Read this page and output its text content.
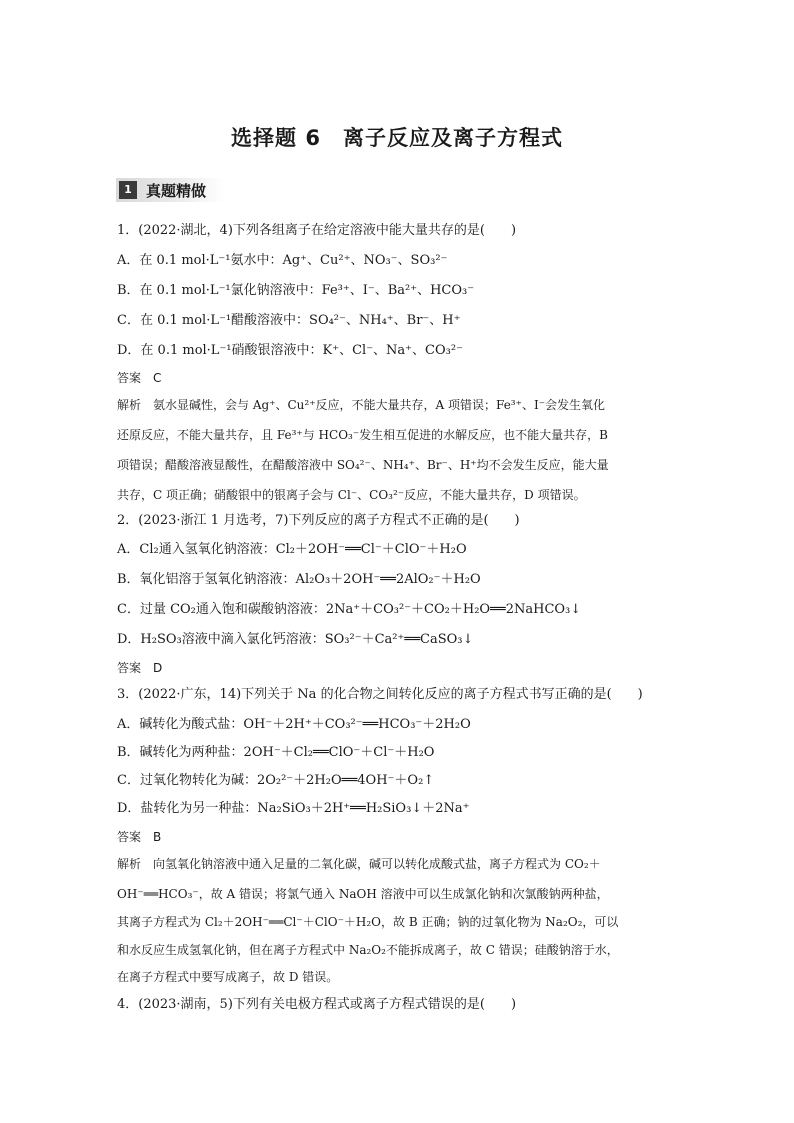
选择题 6　离子反应及离子方程式
1 真题精做
1．(2022·湖北，4)下列各组离子在给定溶液中能大量共存的是(　　)
A．在 0.1 mol·L⁻¹氨水中：Ag⁺、Cu²⁺、NO₃⁻、SO₃²⁻
B．在 0.1 mol·L⁻¹氯化钠溶液中：Fe³⁺、I⁻、Ba²⁺、HCO₃⁻
C．在 0.1 mol·L⁻¹醋酸溶液中：SO₄²⁻、NH₄⁺、Br⁻、H⁺
D．在 0.1 mol·L⁻¹硝酸银溶液中：K⁺、Cl⁻、Na⁺、CO₃²⁻
答案　C
解析　氨水显碱性，会与 Ag⁺、Cu²⁺反应，不能大量共存，A 项错误；Fe³⁺、I⁻会发生氧化
还原反应，不能大量共存，且 Fe³⁺与 HCO₃⁻发生相互促进的水解反应，也不能大量共存，B
项错误；醋酸溶液显酸性，在醋酸溶液中 SO₄²⁻、NH₄⁺、Br⁻、H⁺均不会发生反应，能大量
共存，C 项正确；硝酸银中的银离子会与 Cl⁻、CO₃²⁻反应，不能大量共存，D 项错误。
2．(2023·浙江 1 月选考，7)下列反应的离子方程式不正确的是(　　)
A．Cl₂通入氢氧化钠溶液：Cl₂＋2OH⁻══Cl⁻＋ClO⁻＋H₂O
B．氧化铝溶于氢氧化钠溶液：Al₂O₃＋2OH⁻══2AlO₂⁻＋H₂O
C．过量 CO₂通入饱和碳酸钠溶液：2Na⁺＋CO₃²⁻＋CO₂＋H₂O══2NaHCO₃↓
D．H₂SO₃溶液中滴入氯化钙溶液：SO₃²⁻＋Ca²⁺══CaSO₃↓
答案　D
3．(2022·广东，14)下列关于 Na 的化合物之间转化反应的离子方程式书写正确的是(　　)
A．碱转化为酸式盐：OH⁻＋2H⁺＋CO₃²⁻══HCO₃⁻＋2H₂O
B．碱转化为两种盐：2OH⁻＋Cl₂══ClO⁻＋Cl⁻＋H₂O
C．过氧化物转化为碱：2O₂²⁻＋2H₂O══4OH⁻＋O₂↑
D．盐转化为另一种盐：Na₂SiO₃＋2H⁺══H₂SiO₃↓＋2Na⁺
答案　B
解析　向氢氧化钠溶液中通入足量的二氧化碳，碱可以转化成酸式盐，离子方程式为 CO₂＋
OH⁻══HCO₃⁻，故 A 错误；将氯气通入 NaOH 溶液中可以生成氯化钠和次氯酸钠两种盐，
其离子方程式为 Cl₂＋2OH⁻══Cl⁻＋ClO⁻＋H₂O，故 B 正确；钠的过氧化物为 Na₂O₂，可以
和水反应生成氢氧化钠，但在离子方程式中 Na₂O₂不能拆成离子，故 C 错误；硅酸钠溶于水，
在离子方程式中要写成离子，故 D 错误。
4．(2023·湖南，5)下列有关电极方程式或离子方程式错误的是(　　)
